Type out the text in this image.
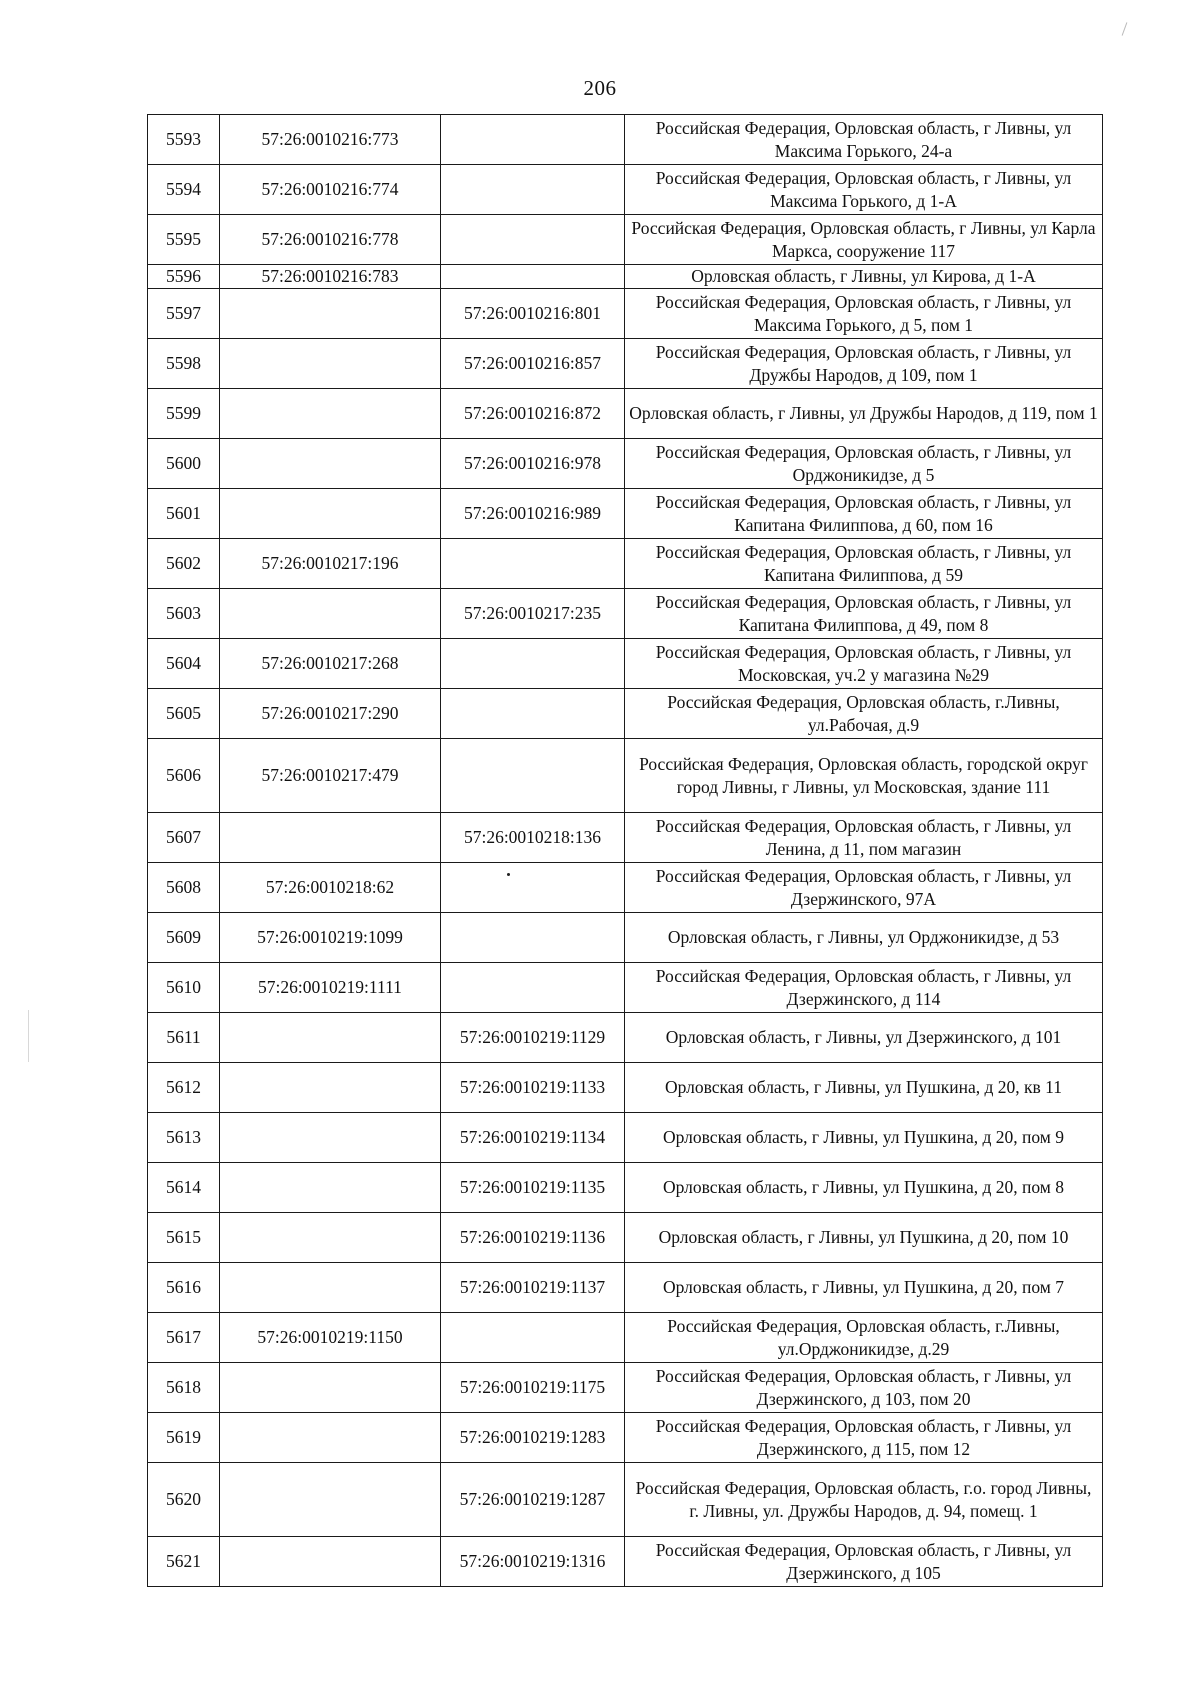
206
5593	57:26:0010216:773		Российская Федерация, Орловская область, г Ливны, ул Максима Горького, 24-а
5594	57:26:0010216:774		Российская Федерация, Орловская область, г Ливны, ул Максима Горького, д 1-А
5595	57:26:0010216:778		Российская Федерация, Орловская область, г Ливны, ул Карла Маркса, сооружение 117
5596	57:26:0010216:783		Орловская область, г Ливны, ул Кирова, д 1-А
5597		57:26:0010216:801	Российская Федерация, Орловская область, г Ливны, ул Максима Горького, д 5, пом 1
5598		57:26:0010216:857	Российская Федерация, Орловская область, г Ливны, ул Дружбы Народов, д 109, пом 1
5599		57:26:0010216:872	Орловская область, г Ливны, ул Дружбы Народов, д 119, пом 1
5600		57:26:0010216:978	Российская Федерация, Орловская область, г Ливны, ул Орджоникидзе, д 5
5601		57:26:0010216:989	Российская Федерация, Орловская область, г Ливны, ул Капитана Филиппова, д 60, пом 16
5602	57:26:0010217:196		Российская Федерация, Орловская область, г Ливны, ул Капитана Филиппова, д 59
5603		57:26:0010217:235	Российская Федерация, Орловская область, г Ливны, ул Капитана Филиппова, д 49, пом 8
5604	57:26:0010217:268		Российская Федерация, Орловская область, г Ливны, ул Московская, уч.2 у магазина №29
5605	57:26:0010217:290		Российская Федерация, Орловская область, г.Ливны, ул.Рабочая, д.9
5606	57:26:0010217:479		Российская Федерация, Орловская область, городской округ город Ливны, г Ливны, ул Московская, здание 111
5607		57:26:0010218:136	Российская Федерация, Орловская область, г Ливны, ул Ленина, д 11, пом магазин
5608	57:26:0010218:62		Российская Федерация, Орловская область, г Ливны, ул Дзержинского, 97А
5609	57:26:0010219:1099		Орловская область, г Ливны, ул Орджоникидзе, д 53
5610	57:26:0010219:1111		Российская Федерация, Орловская область, г Ливны, ул Дзержинского, д 114
5611		57:26:0010219:1129	Орловская область, г Ливны, ул Дзержинского, д 101
5612		57:26:0010219:1133	Орловская область, г Ливны, ул Пушкина, д 20, кв 11
5613		57:26:0010219:1134	Орловская область, г Ливны, ул Пушкина, д 20, пом 9
5614		57:26:0010219:1135	Орловская область, г Ливны, ул Пушкина, д 20, пом 8
5615		57:26:0010219:1136	Орловская область, г Ливны, ул Пушкина, д 20, пом 10
5616		57:26:0010219:1137	Орловская область, г Ливны, ул Пушкина, д 20, пом 7
5617	57:26:0010219:1150		Российская Федерация, Орловская область, г.Ливны, ул.Орджоникидзе, д.29
5618		57:26:0010219:1175	Российская Федерация, Орловская область, г Ливны, ул Дзержинского, д 103, пом 20
5619		57:26:0010219:1283	Российская Федерация, Орловская область, г Ливны, ул Дзержинского, д 115, пом 12
5620		57:26:0010219:1287	Российская Федерация, Орловская область, г.о. город Ливны, г. Ливны, ул. Дружбы Народов, д. 94, помещ. 1
5621		57:26:0010219:1316	Российская Федерация, Орловская область, г Ливны, ул Дзержинского, д 105
